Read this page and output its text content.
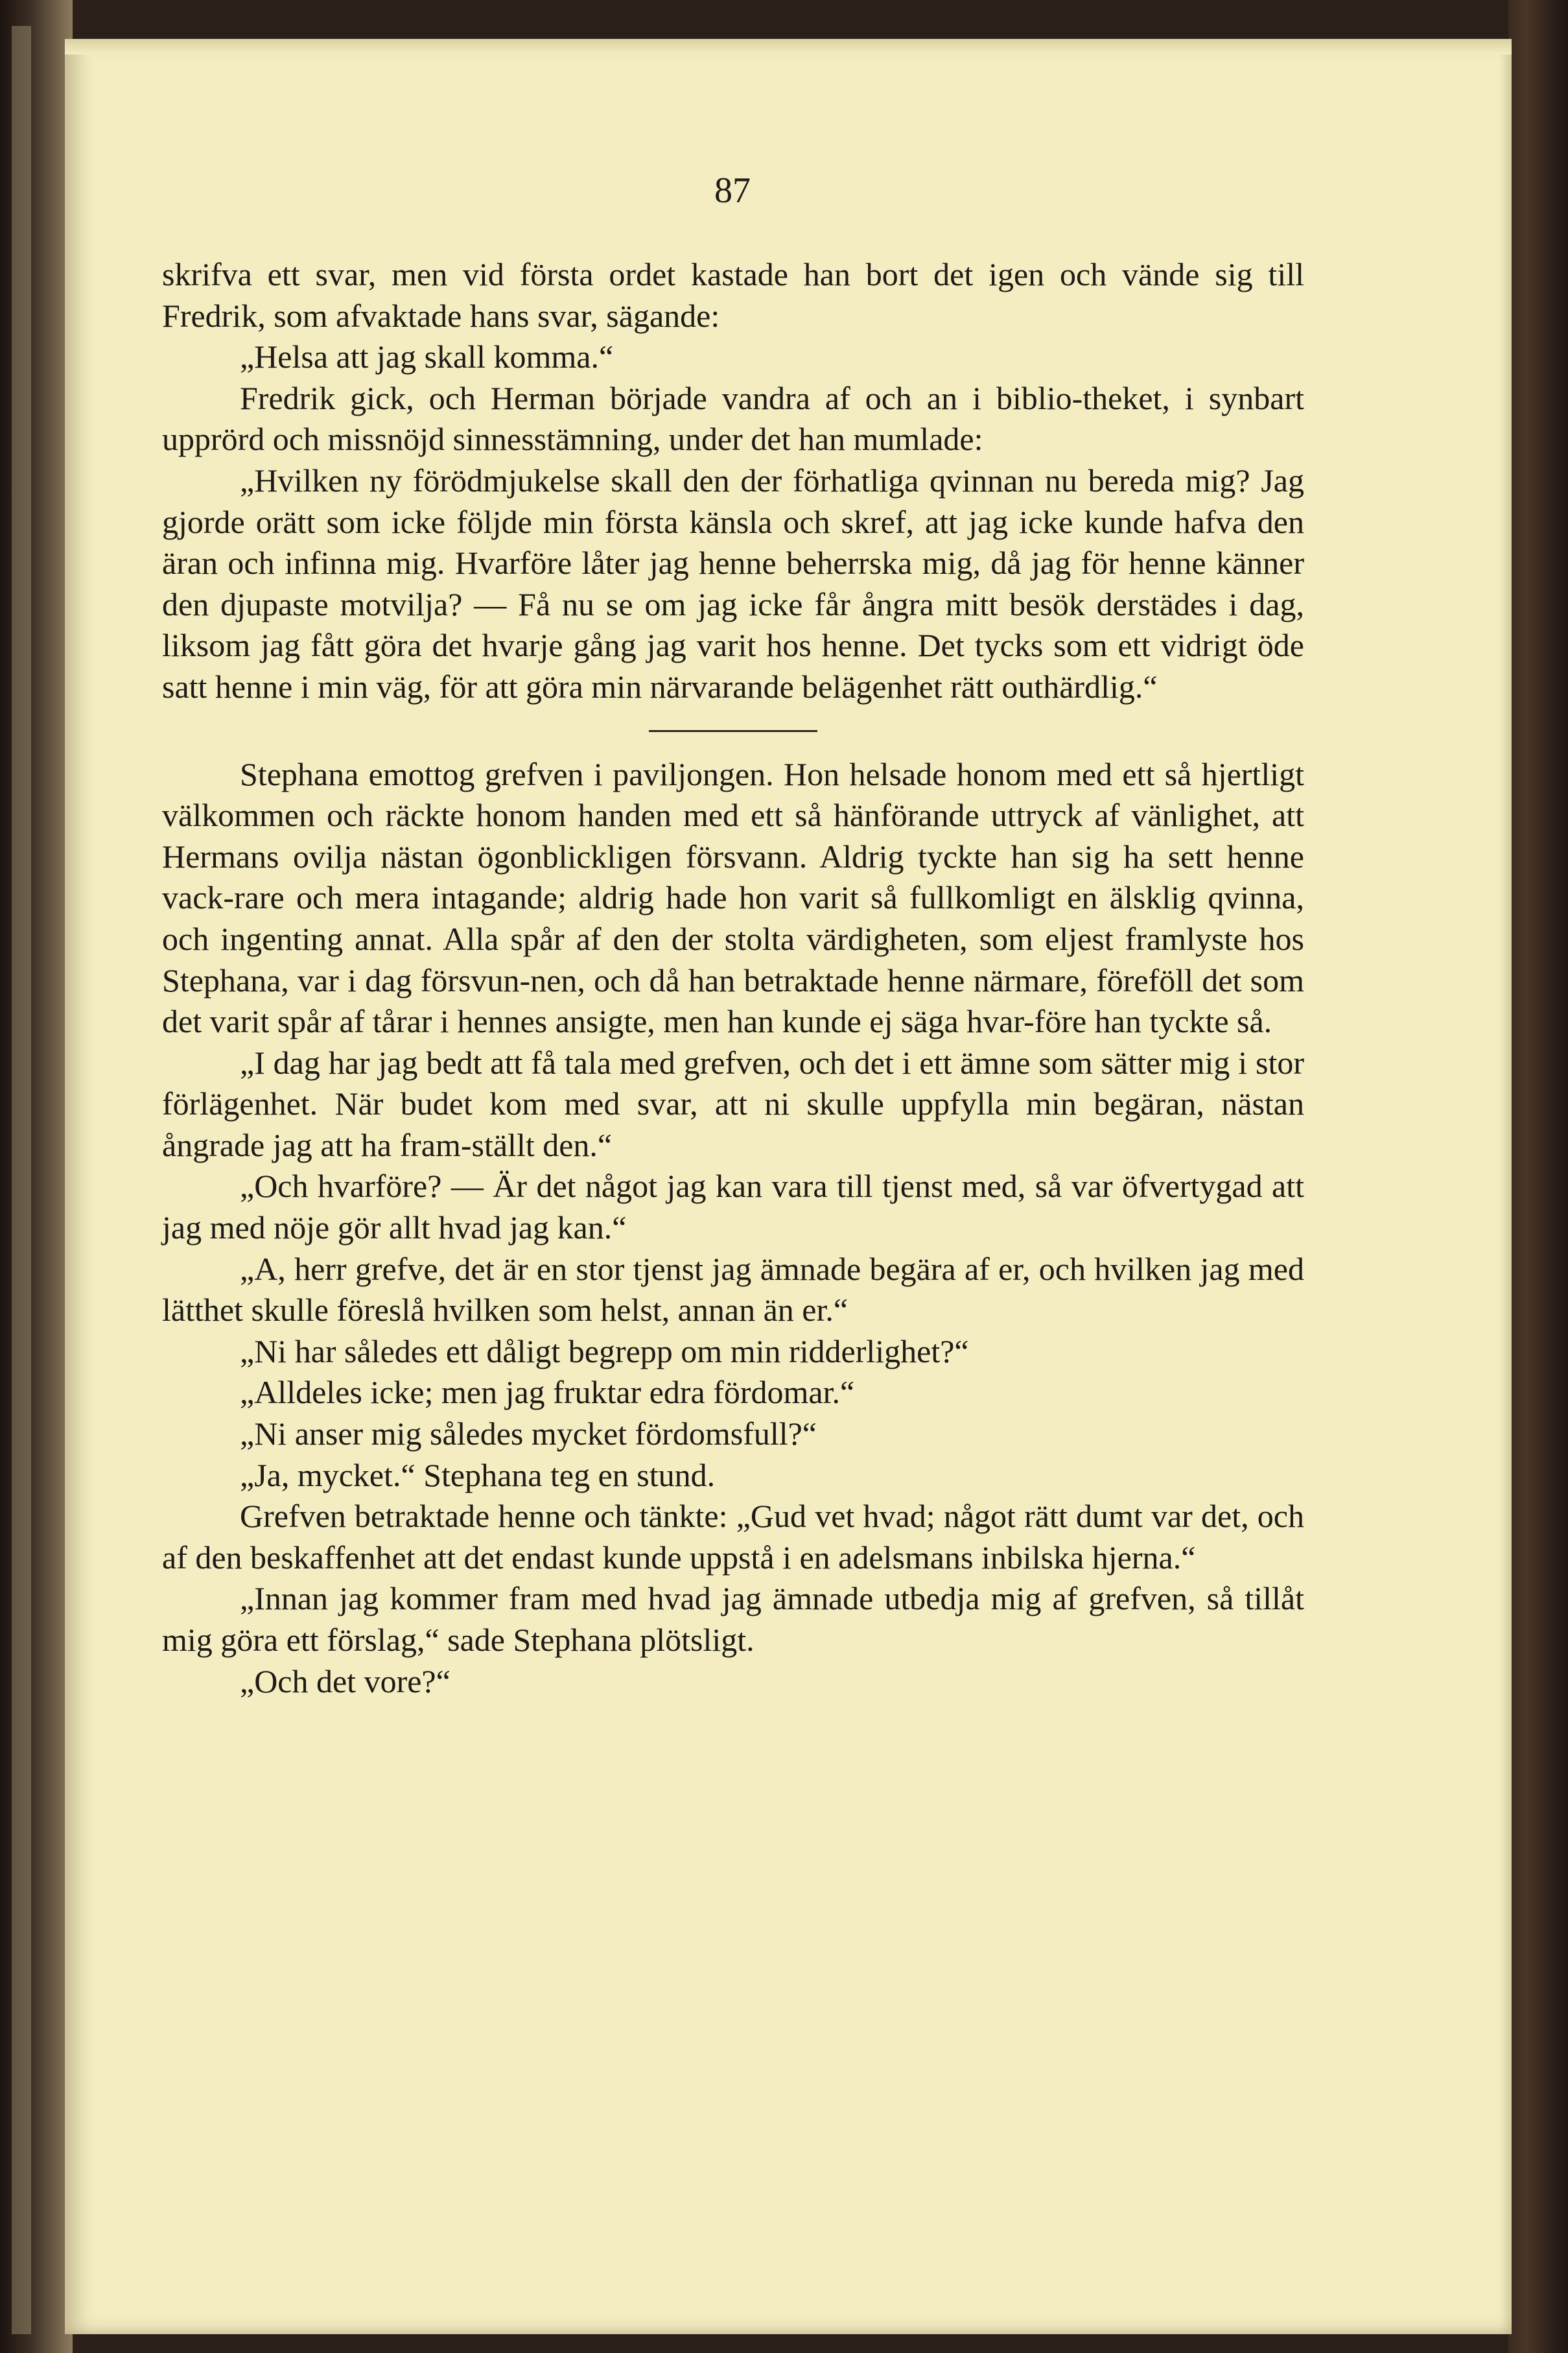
87

skrifva ett svar, men vid första ordet kastade han bort det igen och vände sig till Fredrik, som afvaktade hans svar, sägande:

„Helsa att jag skall komma.“

Fredrik gick, och Herman började vandra af och an i biblio-theket, i synbart upprörd och missnöjd sinnesstämning, under det han mumlade:

„Hvilken ny förödmjukelse skall den der förhatliga qvinnan nu bereda mig? Jag gjorde orätt som icke följde min första känsla och skref, att jag icke kunde hafva den äran och infinna mig. Hvarföre låter jag henne beherrska mig, då jag för henne känner den djupaste motvilja? — Få nu se om jag icke får ångra mitt besök derstädes i dag, liksom jag fått göra det hvarje gång jag varit hos henne. Det tycks som ett vidrigt öde satt henne i min väg, för att göra min närvarande belägenhet rätt outhärdlig.“

Stephana emottog grefven i paviljongen. Hon helsade honom med ett så hjertligt välkommen och räckte honom handen med ett så hänförande uttryck af vänlighet, att Hermans ovilja nästan ögonblickligen försvann. Aldrig tyckte han sig ha sett henne vack-rare och mera intagande; aldrig hade hon varit så fullkomligt en älsklig qvinna, och ingenting annat. Alla spår af den der stolta värdigheten, som eljest framlyste hos Stephana, var i dag försvun-nen, och då han betraktade henne närmare, föreföll det som det varit spår af tårar i hennes ansigte, men han kunde ej säga hvar-före han tyckte så.

„I dag har jag bedt att få tala med grefven, och det i ett ämne som sätter mig i stor förlägenhet. När budet kom med svar, att ni skulle uppfylla min begäran, nästan ångrade jag att ha fram-ställt den.“

„Och hvarföre? — Är det något jag kan vara till tjenst med, så var öfvertygad att jag med nöje gör allt hvad jag kan.“

„A, herr grefve, det är en stor tjenst jag ämnade begära af er, och hvilken jag med lätthet skulle föreslå hvilken som helst, annan än er.“

„Ni har således ett dåligt begrepp om min ridderlighet?“

„Alldeles icke; men jag fruktar edra fördomar.“

„Ni anser mig således mycket fördomsfull?“

„Ja, mycket.“ Stephana teg en stund.

Grefven betraktade henne och tänkte: „Gud vet hvad; något rätt dumt var det, och af den beskaffenhet att det endast kunde uppstå i en adelsmans inbilska hjerna.“

„Innan jag kommer fram med hvad jag ämnade utbedja mig af grefven, så tillåt mig göra ett förslag,“ sade Stephana plötsligt.

„Och det vore?“
